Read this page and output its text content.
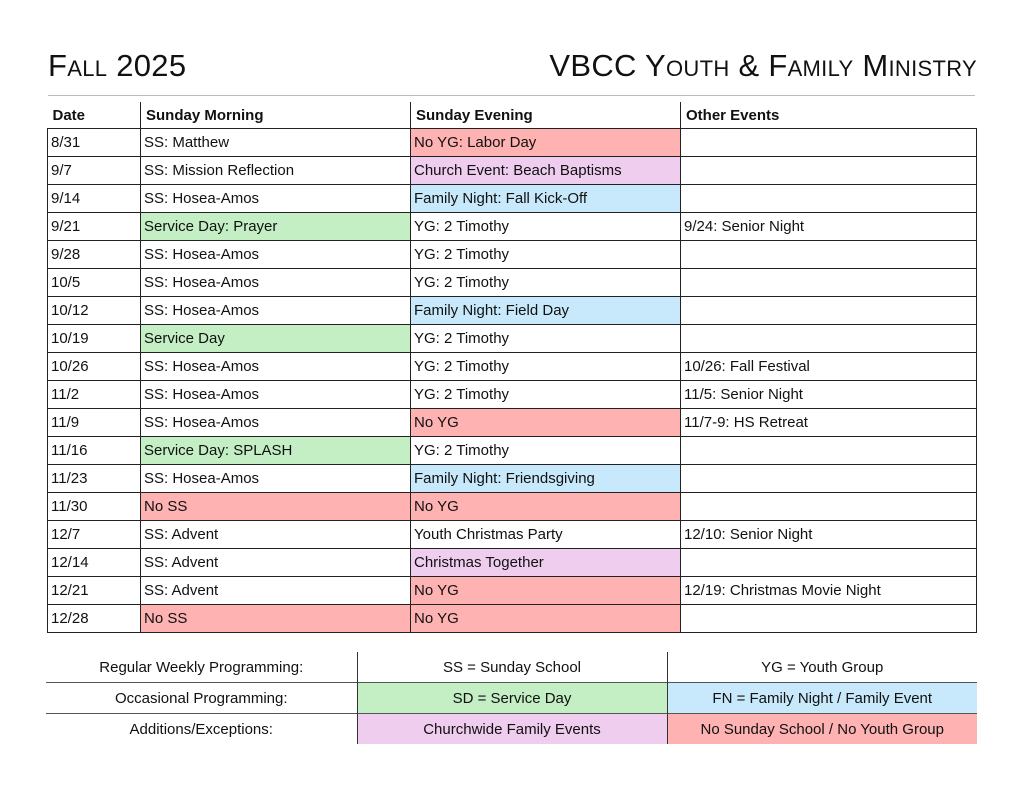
Fall 2025	VBCC Youth & Family Ministry
Date	Sunday Morning	Sunday Evening	Other Events
8/31	SS: Matthew	No YG: Labor Day	
9/7	SS: Mission Reflection	Church Event: Beach Baptisms	
9/14	SS: Hosea-Amos	Family Night: Fall Kick-Off	
9/21	Service Day: Prayer	YG: 2 Timothy	9/24: Senior Night
9/28	SS: Hosea-Amos	YG: 2 Timothy	
10/5	SS: Hosea-Amos	YG: 2 Timothy	
10/12	SS: Hosea-Amos	Family Night: Field Day	
10/19	Service Day	YG: 2 Timothy	
10/26	SS: Hosea-Amos	YG: 2 Timothy	10/26: Fall Festival
11/2	SS: Hosea-Amos	YG: 2 Timothy	11/5: Senior Night
11/9	SS: Hosea-Amos	No YG	11/7-9: HS Retreat
11/16	Service Day: SPLASH	YG: 2 Timothy	
11/23	SS: Hosea-Amos	Family Night: Friendsgiving	
11/30	No SS	No YG	
12/7	SS: Advent	Youth Christmas Party	12/10: Senior Night
12/14	SS: Advent	Christmas Together	
12/21	SS: Advent	No YG	12/19: Christmas Movie Night
12/28	No SS	No YG	
Regular Weekly Programming:	SS = Sunday School	YG = Youth Group
Occasional Programming:	SD = Service Day	FN = Family Night / Family Event
Additions/Exceptions:	Churchwide Family Events	No Sunday School / No Youth Group
